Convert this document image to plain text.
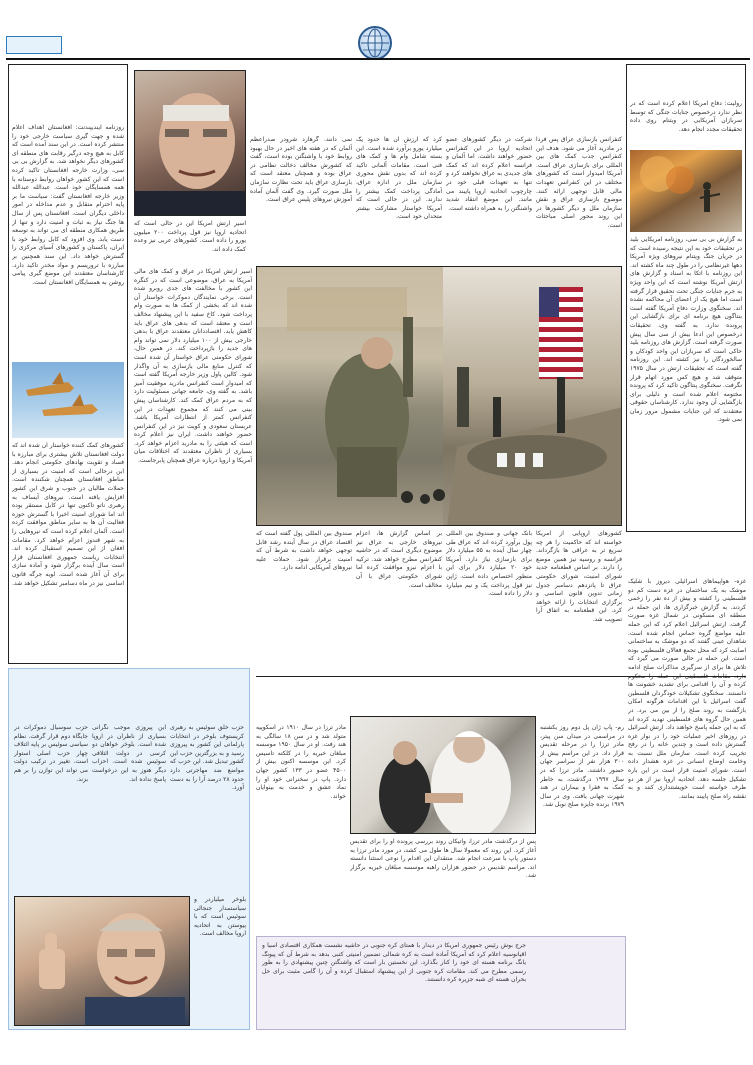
رولیت: دفاع آمریکا اعلام کرده است که در نظر ندارد درخصوص جنایات جنگی که توسط سربازان آمریکایی در ویتنام روی داده تحقیقات مجدد انجام دهد.
به گزارش بی بی سی، روزنامه آمریکایی بلید در تحقیقات خود به این نتیجه رسیده است که در جریان جنگ ویتنام نیروهای ویژه آمریکا دهها غیرنظامی را در طول چند ماه کشته اند. این روزنامه با اتکا به اسناد و گزارش های ارتش آمریکا نوشته است که این واحد ویژه به جرم جنایات جنگی تحت تحقیق قرار گرفته است اما هیچ یک از اعضای آن محاکمه نشده اند. سخنگوی وزارت دفاع آمریکا گفته است بنتاگون هیچ برنامه ای برای بازگشایی این پرونده ندارد. به گفته وی، تحقیقات درخصوص این ادعا بیش از سی سال پیش صورت گرفته است. گزارش های روزنامه بلید حاکی است که سربازان این واحد کودکان و سالخوردگان را نیز کشته اند. این روزنامه گفته است که تحقیقات ارتش در سال ۱۹۷۵ متوقف شد و هیچ کس مورد اتهام قرار نگرفت. سخنگوی پنتاگون تاکید کرد که پرونده مختومه اعلام شده است و دلیلی برای بازگشایی آن وجود ندارد. کارشناسان حقوقی معتقدند که این جنایات مشمول مرور زمان نمی شود.
غزه- هواپیماهای اسرائیلی دیروز با شلیک موشک به یک ساختمان در غزه دست کم دو فلسطینی را کشته و بیش از ده نفر را زخمی کردند. به گزارش خبرگزاری ها، این حمله در منطقه ای مسکونی در شمال غزه صورت گرفت. ارتش اسرائیل اعلام کرد که این حمله علیه مواضع گروه حماس انجام شده است. شاهدان عینی گفتند که دو موشک به ساختمانی اصابت کرد که محل تجمع فعالان فلسطینی بوده است. این حمله در حالی صورت می گیرد که تلاش ها برای از سرگیری مذاکرات صلح ادامه کرده و آن را اقدامی برای تشدید خشونت ها دانستند. سخنگوی تشکیلات خودگردان فلسطین گفت اسرائیل با این اقدامات هرگونه امکان بازگشت به روند صلح را از بین می برد. در همین حال گروه های فلسطینی تهدید کرده اند که به این حمله پاسخ خواهند داد. ارتش اسرائیل در روزهای اخیر عملیات خود را در نوار غزه گسترش داده است و چندین خانه را در رفح تخریب کرده است. سازمان ملل نسبت به وخامت اوضاع انسانی در غزه هشدار داده است. شورای امنیت قرار است در این باره تشکیل جلسه دهد. اتحادیه اروپا نیز از هر دو طرف خواسته است خویشتنداری کنند و به نقشه راه صلح پایبند بمانند.
کنفرانس بازسازی عراق پس فردا در مادرید آغاز می شود. هدف این کنفرانس جذب کمک های بین المللی برای بازسازی عراق است. آمریکا امیدوار است که کشورهای مختلف در این کنفرانس تعهدات مالی قابل توجهی ارائه کنند. موضوع بازسازی عراق و نقش سازمان ملل و دیگر کشورها در این روند محور اصلی مباحثات است.
شرکت در دیگر کشورهای عضو اتحادیه اروپا در این کنفرانس حضور خواهند داشت. اما آلمان و فرانسه اعلام کرده اند که کمک های جدیدی به عراق نخواهند کرد و تنها به تعهدات قبلی خود در چارچوب اتحادیه اروپا پایبند می مانند. این موضع انتقاد شدید واشنگتن را به همراه داشته است.
کرد که ارزش آن ها حدود یک میلیارد یورو برآورد شده است. این بسته شامل وام ها و کمک های فنی است. مقامات آلمانی تاکید کرده اند که بدون نقش محوری سازمان ملل در اداره عراق، آمادگی پرداخت کمک بیشتر را ندارند. این در حالی است که آمریکا خواستار مشارکت بیشتر متحدان خود است.
نمی دانند. گرهارد شرودر صدراعظم آلمان که در هفته های اخیر در حال بهبود روابط خود با واشنگتن بوده است، گفت که کشورش مخالف دخالت نظامی در عراق بوده و همچنان معتقد است که بازسازی عراق باید تحت نظارت سازمان ملل صورت گیرد. وی گفت آلمان آماده آموزش نیروهای پلیس عراق است.
اسیر ارتش آمریکا این در حالی است که اتحادیه اروپا نیز قول پرداخت ۲۰۰ میلیون یورو را داده است. کشورهای عربی نیز وعده کمک داده اند.
کشورهای اروپایی از آمریکا خواسته اند که حاکمیت را هر چه سریع تر به عراقی ها بازگرداند. فرانسه و روسیه نیز همین موضع را دارند. بر اساس قطعنامه جدید شورای امنیت، شورای حکومتی عراق تا پانزدهم دسامبر جدول زمانی تدوین قانون اساسی و برگزاری انتخابات را ارائه خواهد کرد. این قطعنامه به اتفاق آرا تصویب شد.
بانک جهانی و صندوق بین المللی پول برآورد کرده اند که عراق طی چهار سال آینده به ۵۵ میلیارد دلار برای بازسازی نیاز دارد. آمریکا خود ۲۰ میلیارد دلار برای این منظور اختصاص داده است. ژاپن نیز قول پرداخت یک و نیم میلیارد دلار را داده است.
بر اساس گزارش ها، اعزام نیروهای خارجی به عراق نیز موضوع دیگری است که در حاشیه کنفرانس مطرح خواهد شد. ترکیه با اعزام نیرو موافقت کرده اما شورای حکومتی عراق با آن مخالف است.
صندوق بین المللی پول گفته است که اقتصاد عراق در سال آینده رشد قابل توجهی خواهد داشت به شرط آن که امنیت برقرار شود. حملات علیه نیروهای آمریکایی ادامه دارد.
اسیر ارتش آمریکا در عراق و کمک های مالی آمریکا به عراق، موضوعی است که در کنگره این کشور با مخالفت های جدی روبرو شده است. برخی نمایندگان دموکرات خواستار آن شده اند که بخشی از کمک ها به صورت وام پرداخت شود. کاخ سفید با این پیشنهاد مخالف است و معتقد است که بدهی های عراق باید کاهش یابد. اقتصاددانان معتقدند عراق با بدهی خارجی بیش از ۱۰۰ میلیارد دلار نمی تواند وام های جدید را بازپرداخت کند. در همین حال، شورای حکومتی عراق خواستار آن شده است که کنترل منابع مالی بازسازی به آن واگذار شود. کالین پاول وزیر خارجه آمریکا گفته است که امیدوار است کنفرانس مادرید موفقیت آمیز باشد. به گفته وی، جامعه جهانی مسئولیت دارد که به مردم عراق کمک کند. کارشناسان پیش بینی می کنند که مجموع تعهدات در این کنفرانس کمتر از انتظارات آمریکا باشد. عربستان سعودی و کویت نیز در این کنفرانس حضور خواهند داشت. ایران نیز اعلام کرده است که هیئتی را به مادرید اعزام خواهد کرد. بسیاری از ناظران معتقدند که اختلافات میان آمریکا و اروپا درباره عراق همچنان پابرجاست.
روزنامه ایندیپندنت: افغانستان اهداف اعلام شده و جهت گیری سیاست خارجی خود را منتشر کرده است. در این سند آمده است که کابل به هیچ وجه درگیر رقابت های منطقه ای کشورهای دیگر نخواهد شد. به گزارش بی بی سی، وزارت خارجه افغانستان تاکید کرده است که این کشور خواهان روابط دوستانه با همه همسایگان خود است. عبدالله عبدالله وزیر خارجه افغانستان گفت: سیاست ما بر پایه احترام متقابل و عدم مداخله در امور داخلی دیگران است. افغانستان پس از سال ها جنگ نیاز به ثبات و امنیت دارد و تنها از طریق همکاری منطقه ای می تواند به توسعه دست یابد. وی افزود که کابل روابط خود با ایران، پاکستان و کشورهای آسیای مرکزی را گسترش خواهد داد. این سند همچنین بر مبارزه با تروریسم و مواد مخدر تاکید دارد. کارشناسان معتقدند این موضع گیری پیامی روشن به همسایگان افغانستان است.
کشورهای کمک کننده خواستار آن شده اند که دولت افغانستان تلاش بیشتری برای مبارزه با فساد و تقویت نهادهای حکومتی انجام دهد. این درحالی است که امنیت در بسیاری از مناطق افغانستان همچنان شکننده است. حملات طالبان در جنوب و شرق این کشور افزایش یافته است. نیروهای آیساف به رهبری ناتو تاکنون تنها در کابل مستقر بوده اند اما شورای امنیت اخیرا با گسترش حوزه فعالیت آن ها به سایر مناطق موافقت کرده است. آلمان اعلام کرده است که نیروهایی را به شهر قندوز اعزام خواهد کرد. مقامات افغان از این تصمیم استقبال کرده اند. انتخابات ریاست جمهوری افغانستان قرار است سال آینده برگزار شود و آماده سازی برای آن آغاز شده است. لویه جرگه قانون اساسی نیز در ماه دسامبر تشکیل خواهد شد.
رم- پاپ ژان پل دوم روز یکشنبه در مراسمی در میدان سن پیتر، مادر ترزا را در مرحله تقدیس قرار داد. در این مراسم بیش از ۳۰۰ هزار نفر از سراسر جهان حضور داشتند. مادر ترزا که در سال ۱۹۹۷ درگذشت، به خاطر کمک به فقرا و بیماران در هند شهرت جهانی یافت. وی در سال ۱۹۷۹ برنده جایزه صلح نوبل شد.
مادر ترزا در سال ۱۹۱۰ در اسکوپیه متولد شد و در سن ۱۸ سالگی به هند رفت. او در سال ۱۹۵۰ موسسه مبلغان خیریه را در کلکته تاسیس کرد. این موسسه اکنون بیش از ۴۵۰۰ عضو در ۱۳۳ کشور جهان دارد. پاپ در سخنرانی خود او را نماد عشق و خدمت به بینوایان خواند.
پس از درگذشت مادر ترزا، واتیکان روند بررسی پرونده او را برای تقدیس آغاز کرد. این روند که معمولا سال ها طول می کشد، در مورد مادر ترزا به دستور پاپ با سرعت انجام شد. منتقدان این اقدام را نوعی استثنا دانسته اند. مراسم تقدیس در حضور هزاران راهبه موسسه مبلغان خیریه برگزار شد.
جرج بوش رئیس جمهوری آمریکا در دیدار با همتای کره جنوبی در حاشیه نشست همکاری اقتصادی آسیا و اقیانوسیه اعلام کرد که آمریکا آماده است به کره شمالی تضمین امنیتی کتبی بدهد به شرط آن که پیونگ یانگ برنامه هسته ای خود را کنار بگذارد. این نخستین بار است که واشنگتن چنین پیشنهادی را به طور رسمی مطرح می کند. مقامات کره جنوبی از این پیشنهاد استقبال کرده و آن را گامی مثبت برای حل بحران هسته ای شبه جزیره کره دانستند.
حزب خلق سوئیس به رهبری کریستوف بلوخر در انتخابات پارلمانی این کشور به پیروزی رسید و به بزرگترین حزب این کشور تبدیل شد. این حزب که مواضع ضد مهاجرتی دارد حدود ۲۸ درصد آرا را به دست آورد.
این پیروزی موجب نگرانی بسیاری از ناظران در اروپا شده است. بلوخر خواهان دو کرسی در دولت ائتلافی سوئیس شده است. احزاب دیگر هنوز به این درخواست پاسخ نداده اند.
حزب سوسیال دموکرات در جایگاه دوم قرار گرفت. نظام سیاسی سوئیس بر پایه ائتلاف چهار حزب اصلی استوار است. تغییر در ترکیب دولت می تواند این توازن را بر هم بزند.
بلوخر میلیاردر و سیاستمدار جنجالی سوئیس است که با پیوستن به اتحادیه اروپا مخالف است.
